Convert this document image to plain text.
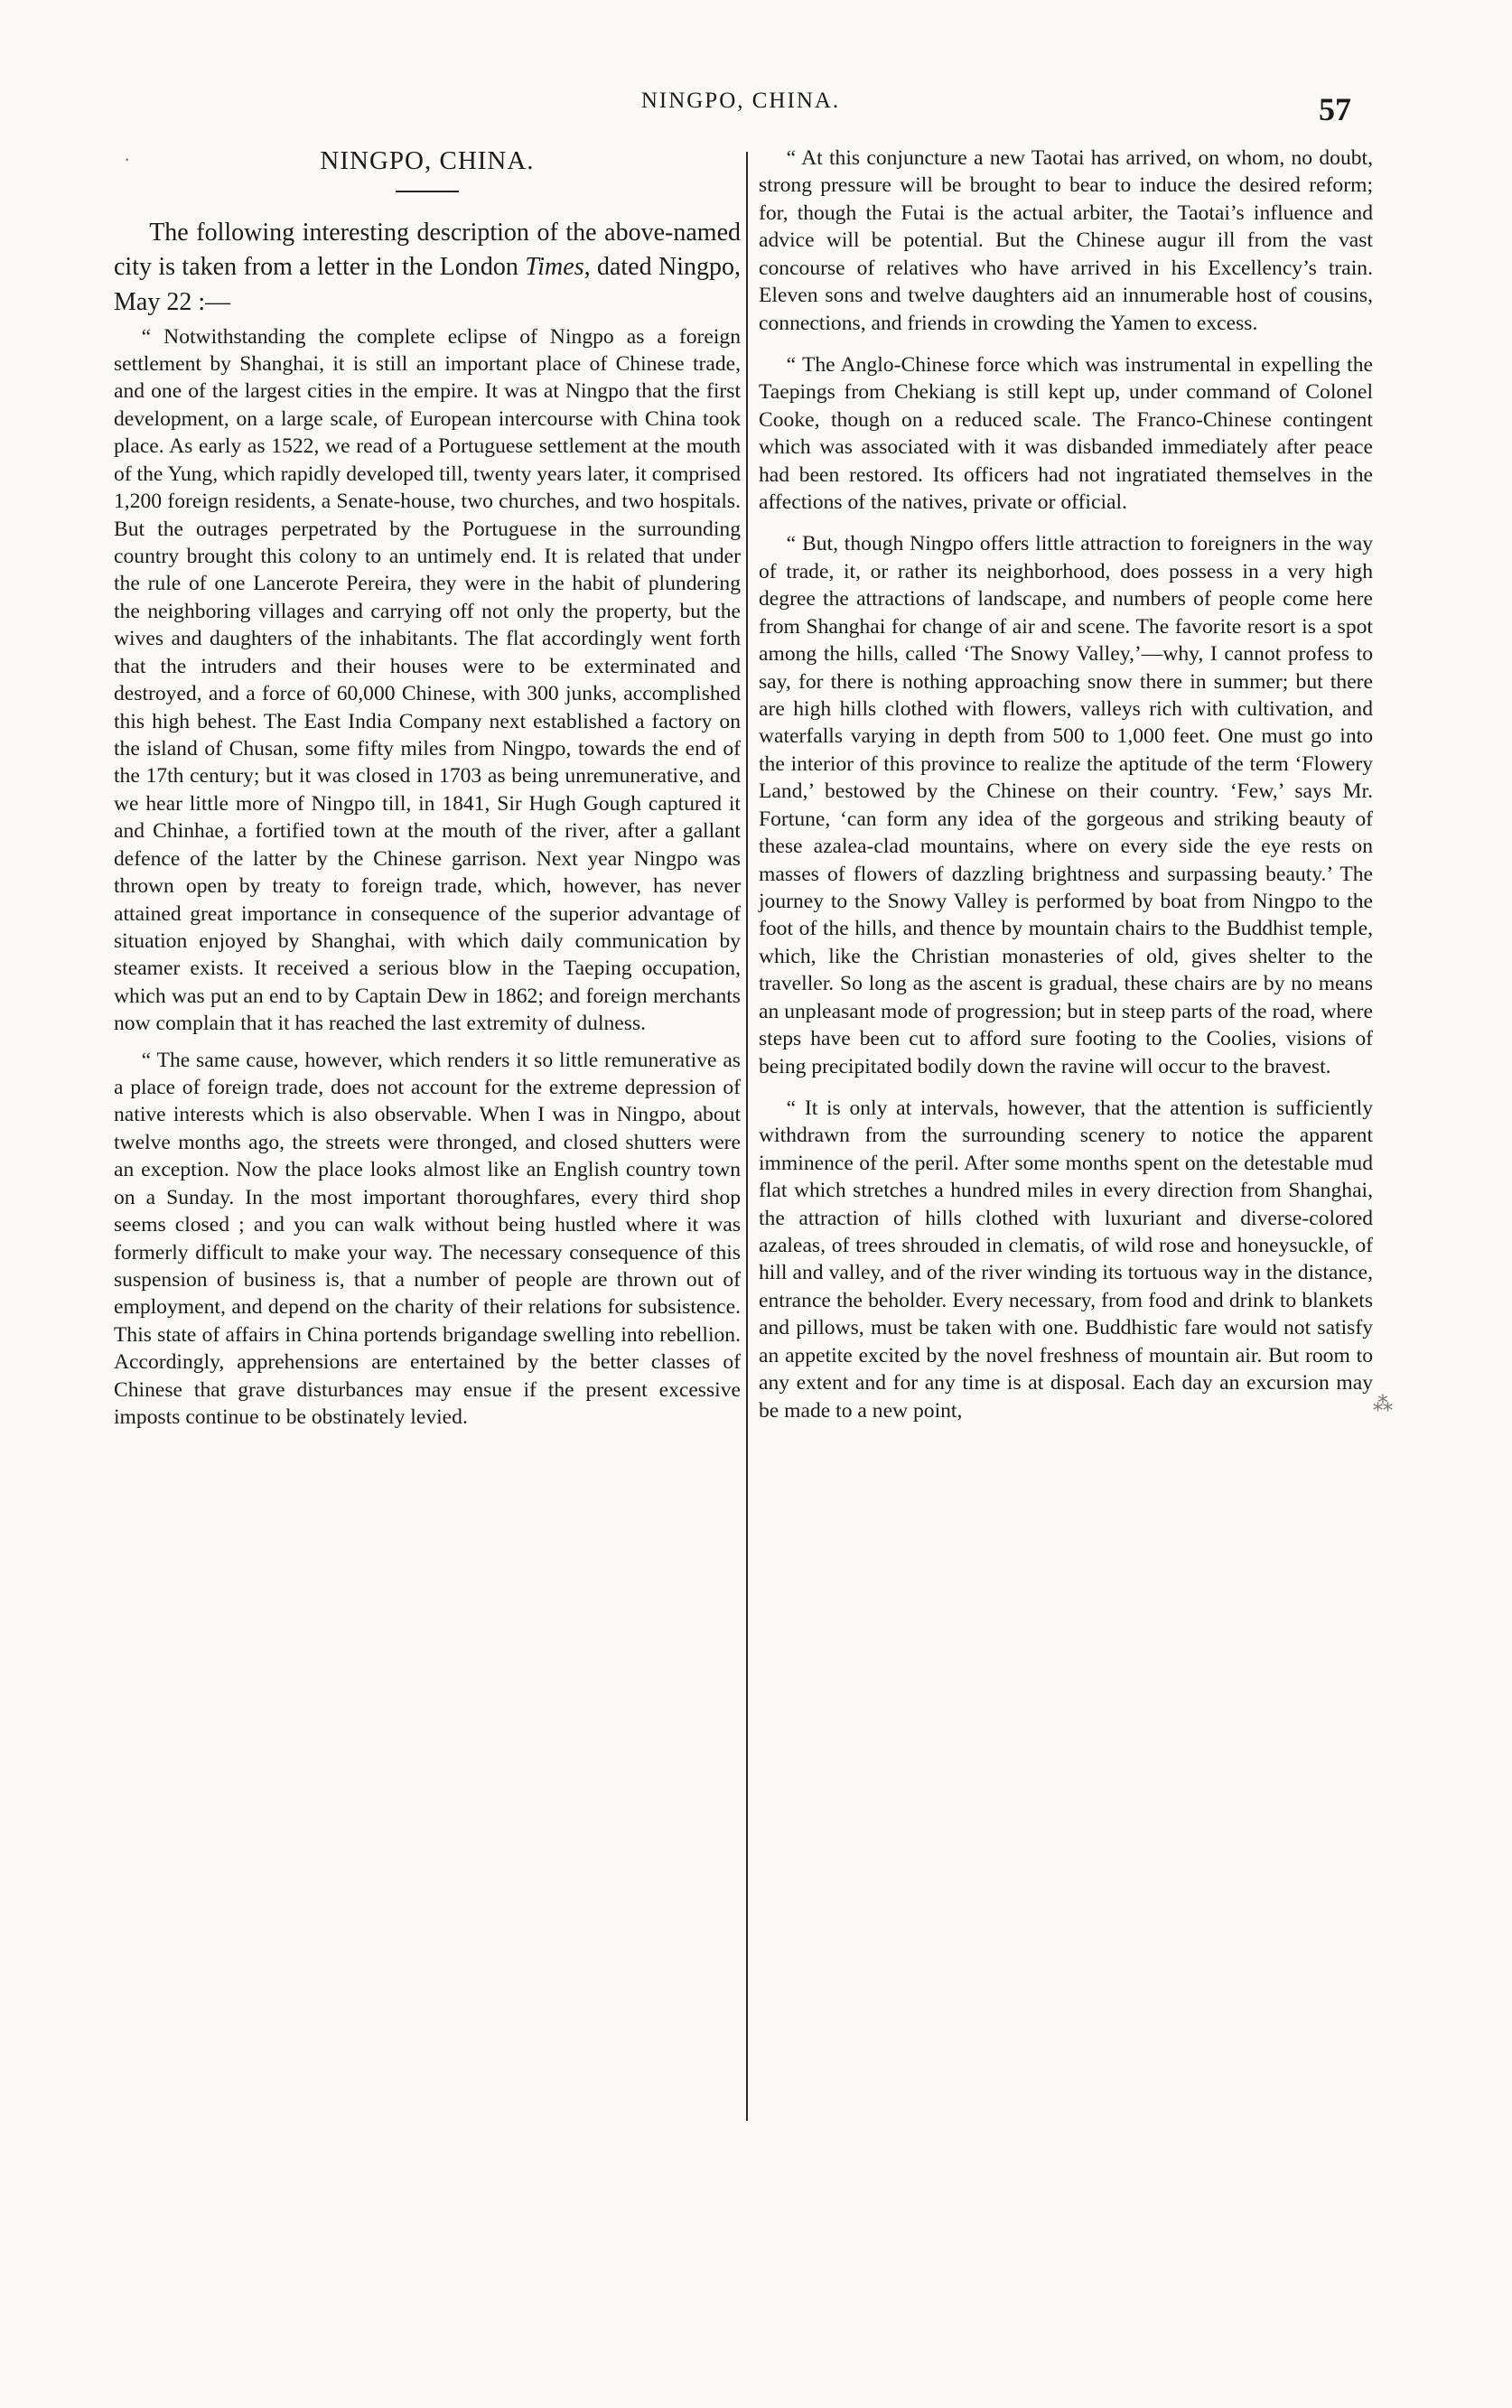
NINGPO, CHINA.	57
·
⁂
NINGPO, CHINA.

The following interesting description of the above-named city is taken from a letter in the London Times, dated Ningpo, May 22 :—

“ Notwithstanding the complete eclipse of Ningpo as a foreign settlement by Shanghai, it is still an important place of Chinese trade, and one of the largest cities in the empire. It was at Ningpo that the first development, on a large scale, of European intercourse with China took place. As early as 1522, we read of a Portuguese settlement at the mouth of the Yung, which rapidly developed till, twenty years later, it comprised 1,200 foreign residents, a Senate-house, two churches, and two hospitals. But the outrages perpetrated by the Portuguese in the surrounding country brought this colony to an untimely end. It is related that under the rule of one Lancerote Pereira, they were in the habit of plundering the neighboring villages and carrying off not only the property, but the wives and daughters of the inhabitants. The flat accordingly went forth that the intruders and their houses were to be exterminated and destroyed, and a force of 60,000 Chinese, with 300 junks, accomplished this high behest. The East India Company next established a factory on the island of Chusan, some fifty miles from Ningpo, towards the end of the 17th century; but it was closed in 1703 as being unremunerative, and we hear little more of Ningpo till, in 1841, Sir Hugh Gough captured it and Chinhae, a fortified town at the mouth of the river, after a gallant defence of the latter by the Chinese garrison. Next year Ningpo was thrown open by treaty to foreign trade, which, however, has never attained great importance in consequence of the superior advantage of situation enjoyed by Shanghai, with which daily communication by steamer exists. It received a serious blow in the Taeping occupation, which was put an end to by Captain Dew in 1862; and foreign merchants now complain that it has reached the last extremity of dulness.

“ The same cause, however, which renders it so little remunerative as a place of foreign trade, does not account for the extreme depression of native interests which is also observable. When I was in Ningpo, about twelve months ago, the streets were thronged, and closed shutters were an exception. Now the place looks almost like an English country town on a Sunday. In the most important thoroughfares, every third shop seems closed ; and you can walk without being hustled where it was formerly difficult to make your way. The necessary consequence of this suspension of business is, that a number of people are thrown out of employment, and depend on the charity of their relations for subsistence. This state of affairs in China portends brigandage swelling into rebellion. Accordingly, apprehensions are entertained by the better classes of Chinese that grave disturbances may ensue if the present excessive imposts continue to be obstinately levied.

“ At this conjuncture a new Taotai has arrived, on whom, no doubt, strong pressure will be brought to bear to induce the desired reform; for, though the Futai is the actual arbiter, the Taotai’s influence and advice will be potential. But the Chinese augur ill from the vast concourse of relatives who have arrived in his Excellency’s train. Eleven sons and twelve daughters aid an innumerable host of cousins, connections, and friends in crowding the Yamen to excess.

“ The Anglo-Chinese force which was instrumental in expelling the Taepings from Chekiang is still kept up, under command of Colonel Cooke, though on a reduced scale. The Franco-Chinese contingent which was associated with it was disbanded immediately after peace had been restored. Its officers had not ingratiated themselves in the affections of the natives, private or official.

“ But, though Ningpo offers little attraction to foreigners in the way of trade, it, or rather its neighborhood, does possess in a very high degree the attractions of landscape, and numbers of people come here from Shanghai for change of air and scene. The favorite resort is a spot among the hills, called ‘The Snowy Valley,’—why, I cannot profess to say, for there is nothing approaching snow there in summer; but there are high hills clothed with flowers, valleys rich with cultivation, and waterfalls varying in depth from 500 to 1,000 feet. One must go into the interior of this province to realize the aptitude of the term ‘Flowery Land,’ bestowed by the Chinese on their country. ‘Few,’ says Mr. Fortune, ‘can form any idea of the gorgeous and striking beauty of these azalea-clad mountains, where on every side the eye rests on masses of flowers of dazzling brightness and surpassing beauty.’ The journey to the Snowy Valley is performed by boat from Ningpo to the foot of the hills, and thence by mountain chairs to the Buddhist temple, which, like the Christian monasteries of old, gives shelter to the traveller. So long as the ascent is gradual, these chairs are by no means an unpleasant mode of progression; but in steep parts of the road, where steps have been cut to afford sure footing to the Coolies, visions of being precipitated bodily down the ravine will occur to the bravest.

“ It is only at intervals, however, that the attention is sufficiently withdrawn from the surrounding scenery to notice the apparent imminence of the peril. After some months spent on the detestable mud flat which stretches a hundred miles in every direction from Shanghai, the attraction of hills clothed with luxuriant and diverse-colored azaleas, of trees shrouded in clematis, of wild rose and honeysuckle, of hill and valley, and of the river winding its tortuous way in the distance, entrance the beholder. Every necessary, from food and drink to blankets and pillows, must be taken with one. Buddhistic fare would not satisfy an appetite excited by the novel freshness of mountain air. But room to any extent and for any time is at disposal. Each day an excursion may be made to a new point,
